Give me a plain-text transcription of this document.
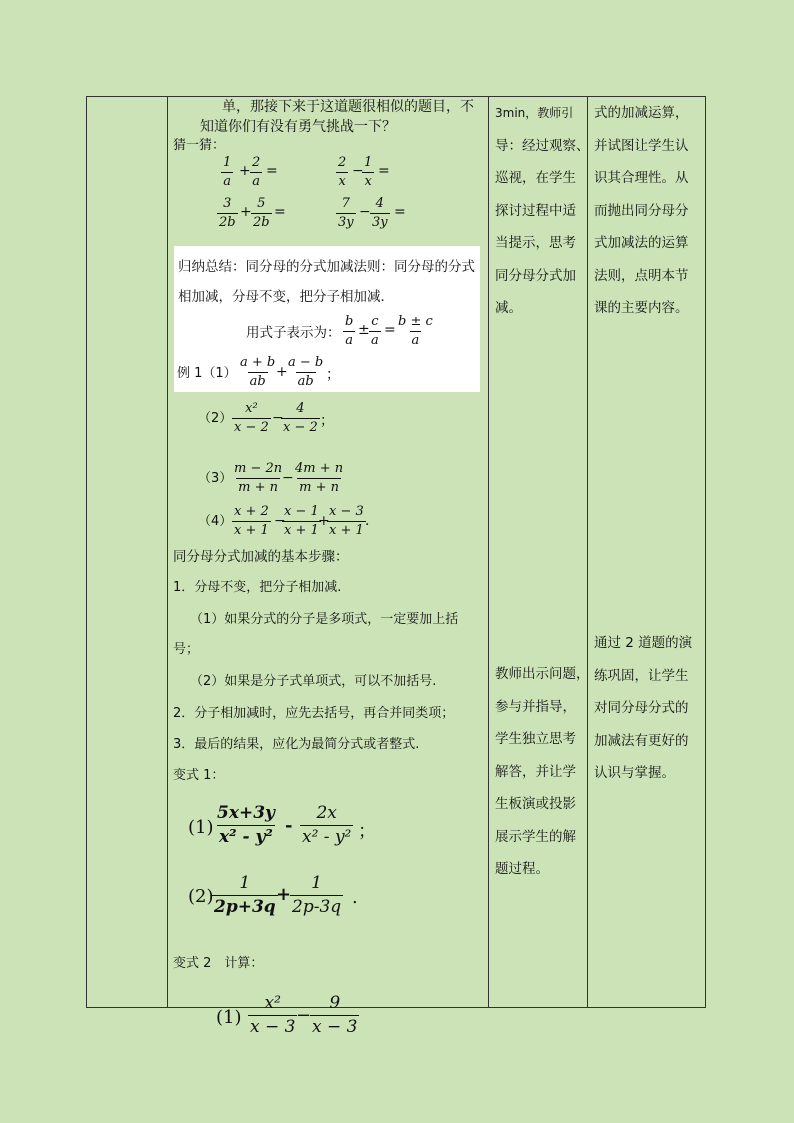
单，那接下来于这道题很相似的题目，不
知道你们有没有勇气挑战一下？
猜一猜：
$\frac{1}{a} + \frac{2}{a}$ =	$\frac{2}{x}$ −
$\frac{1}{x}$ =
$\frac{3}{2b} + \frac{5}{2b}$ =	$\frac{7}{3y} - \frac{4}{3y}$ =
归纳总结：同分母的分式加减法则：同分母的分式
相加减，分母不变，把分子相加减．
用式子表示为： $\frac{b}{a} \pm \frac{c}{a} = \frac{b \pm c}{a}$
例 $1(1) \frac{a + b}{ab}$
+
$\frac{a - b}{ab}$ ；
$(2) \frac{\text{x²}}{x - 2}$ −
$\frac{4}{x - 2}$ ；
$(3) \frac{m - 2n}{m + n}$
− $\frac{4m + n}{m + n}$
$(4) \frac{x + 2}{x + 1}$ −
$\frac{x - 1}{x + 1}$
+
$\frac{x - 3}{x + 1}$ .
同分母分式加减的基本步骤：
1．分母不变，把分子相加减.
（1）如果分式的分子是多项式，一定要加上括
号；
（2）如果是分子式单项式，可以不加括号.
2．分子相加减时，应先去括号，再合并同类项；
3．最后的结果，应化为最简分式或者整式.
变式 1：
$(1) \frac{5x+3y}{\text{x² - y²}} - \frac{2x}{\text{x² - y²}}$ ；
(2)
$\frac{1}{2p+3q}$
+
$\frac{1}{2p-3q}$ .
变式 2　计算：
$(1) \frac{\text{x²}}{x - 3}$
−
$\frac{9}{x - 3}$
3min，教师引
导：经过观察、
巡视，在学生
探讨过程中适
当提示，思考
同分母分式加
减。
教师出示问题，
参与并指导，
学生独立思考
解答，并让学
生板演或投影
展示学生的解
题过程。
式的加减运算，
并试图让学生认
识其合理性。从
而抛出同分母分
式加减法的运算
法则，点明本节
课的主要内容。
通过 2 道题的演
练巩固，让学生
对同分母分式的
加减法有更好的
认识与掌握。
